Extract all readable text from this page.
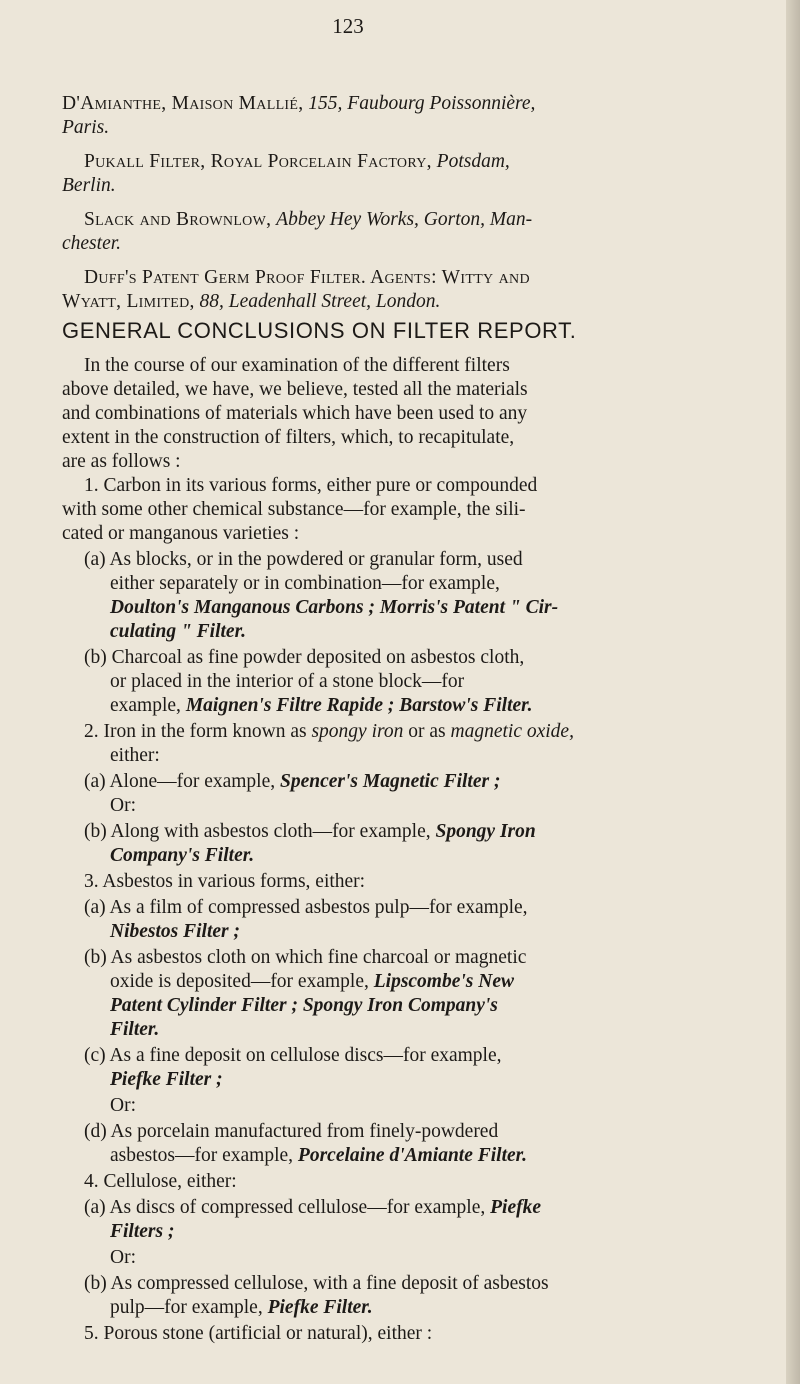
123
D'Amianthe, Maison Mallié, 155, Faubourg Poissonnière,
Paris.
Pukall Filter, Royal Porcelain Factory, Potsdam,
Berlin.
Slack and Brownlow, Abbey Hey Works, Gorton, Man-
chester.
Duff's Patent Germ Proof Filter. Agents: Witty and
Wyatt, Limited, 88, Leadenhall Street, London.
GENERAL CONCLUSIONS ON FILTER REPORT.
In the course of our examination of the different filters
above detailed, we have, we believe, tested all the materials
and combinations of materials which have been used to any
extent in the construction of filters, which, to recapitulate,
are as follows :
1. Carbon in its various forms, either pure or compounded
with some other chemical substance—for example, the sili-
cated or manganous varieties :
(a) As blocks, or in the powdered or granular form, used
either separately or in combination—for example,
Doulton's Manganous Carbons ; Morris's Patent " Cir-
culating " Filter.
(b) Charcoal as fine powder deposited on asbestos cloth,
or placed in the interior of a stone block—for
example, Maignen's Filtre Rapide ; Barstow's Filter.
2. Iron in the form known as spongy iron or as magnetic oxide,
either:
(a) Alone—for example, Spencer's Magnetic Filter ;
Or:
(b) Along with asbestos cloth—for example, Spongy Iron
Company's Filter.
3. Asbestos in various forms, either:
(a) As a film of compressed asbestos pulp—for example,
Nibestos Filter ;
(b) As asbestos cloth on which fine charcoal or magnetic
oxide is deposited—for example, Lipscombe's New
Patent Cylinder Filter ; Spongy Iron Company's
Filter.
(c) As a fine deposit on cellulose discs—for example,
Piefke Filter ;
Or:
(d) As porcelain manufactured from finely-powdered
asbestos—for example, Porcelaine d'Amiante Filter.
4. Cellulose, either:
(a) As discs of compressed cellulose—for example, Piefke
Filters ;
Or:
(b) As compressed cellulose, with a fine deposit of asbestos
pulp—for example, Piefke Filter.
5. Porous stone (artificial or natural), either :
